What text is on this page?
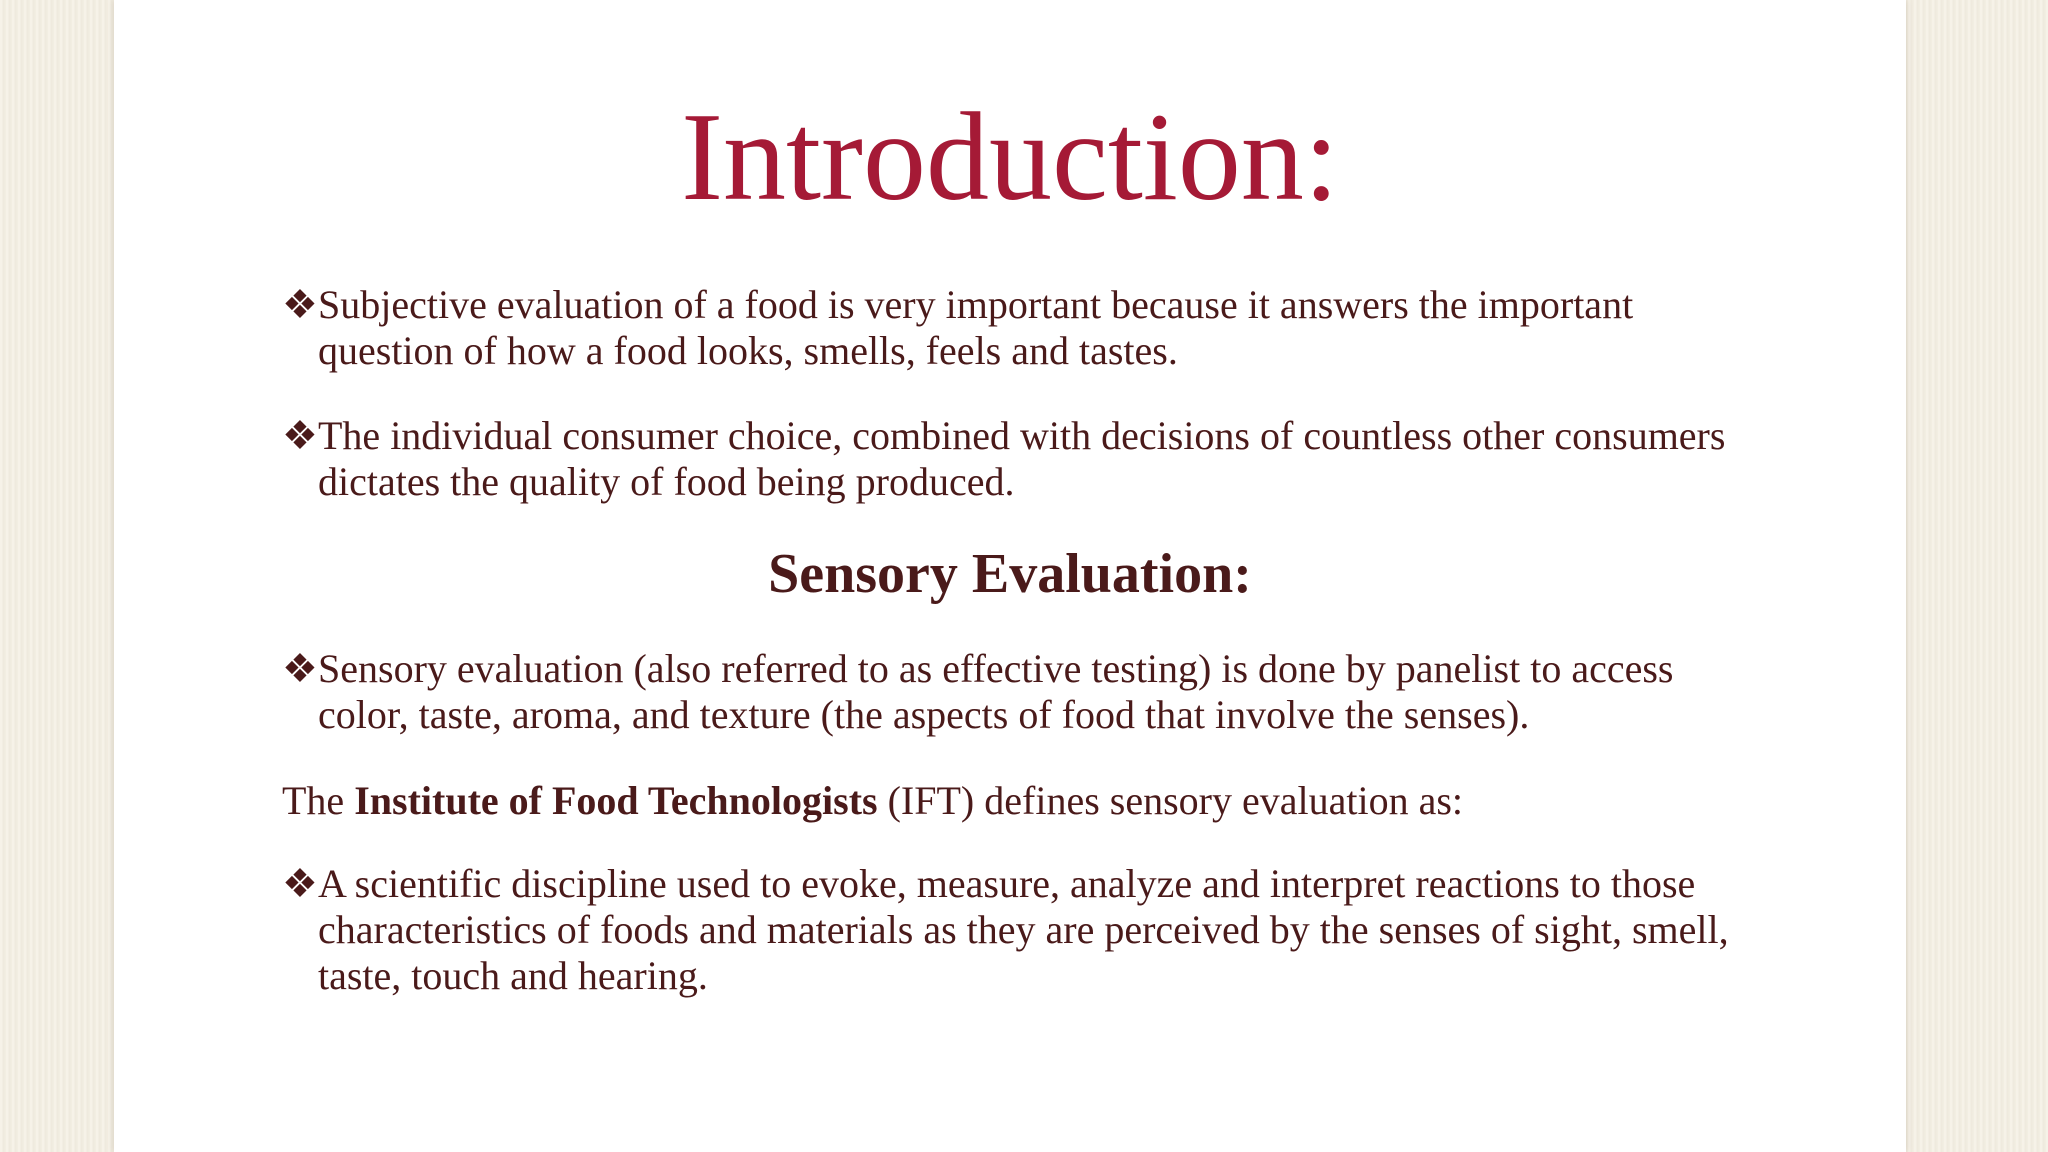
Introduction:
❖ Subjective evaluation of a food is very important because it answers the important question of how a food looks, smells, feels and tastes.
❖ The individual consumer choice, combined with decisions of countless other consumers dictates the quality of food being produced.
Sensory Evaluation:
❖ Sensory evaluation (also referred to as effective testing) is done by panelist to access color, taste, aroma, and texture (the aspects of food that involve the senses).
The Institute of Food Technologists (IFT) defines sensory evaluation as:
❖ A scientific discipline used to evoke, measure, analyze and interpret reactions to those characteristics of foods and materials as they are perceived by the senses of sight, smell, taste, touch and hearing.
